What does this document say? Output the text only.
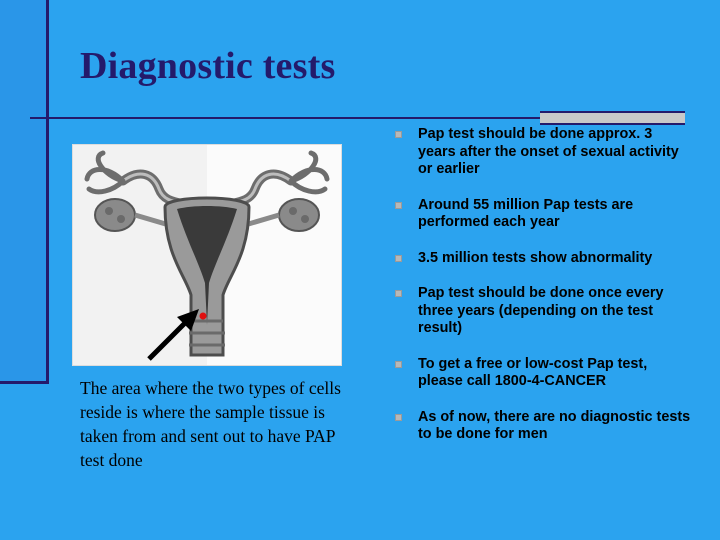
Diagnostic tests

The area where the two types of cells reside is where the sample tissue is taken from and sent out to have PAP test done

Pap test should be done approx. 3 years after the onset of sexual activity or earlier
Around 55 million Pap tests are performed each year
3.5 million tests show abnormality
Pap test should be done once every three years (depending on the test result)
To get a free or low-cost Pap test, please call 1800-4-CANCER
As of now, there are no diagnostic tests to be done for men
